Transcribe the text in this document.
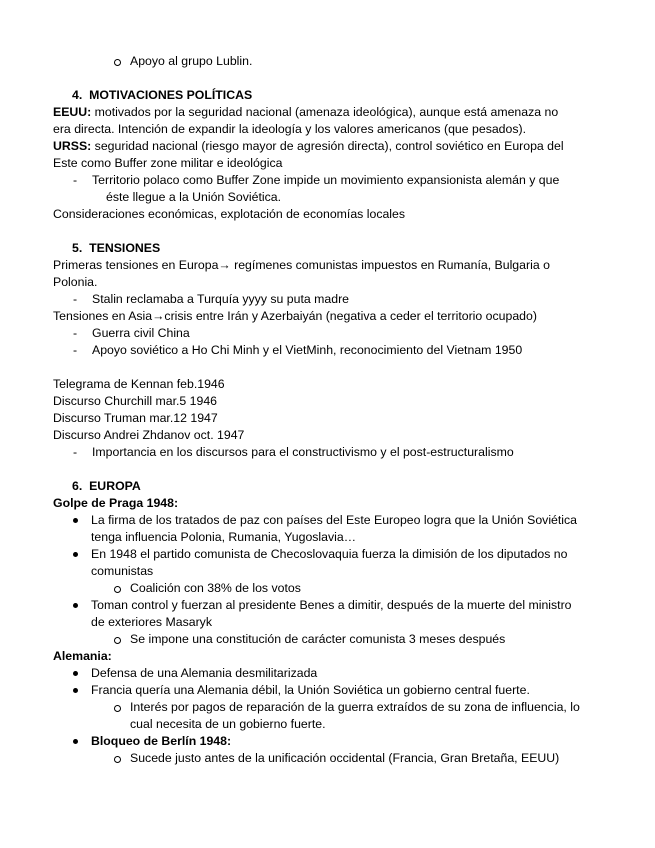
Apoyo al grupo Lublin.
4. MOTIVACIONES POLÍTICAS
EEUU: motivados por la seguridad nacional (amenaza ideológica), aunque está amenaza no
era directa. Intención de expandir la ideología y los valores americanos (que pesados).
URSS: seguridad nacional (riesgo mayor de agresión directa), control soviético en Europa del
Este como Buffer zone militar e ideológica
- Territorio polaco como Buffer Zone impide un movimiento expansionista alemán y que
éste llegue a la Unión Soviética.
Consideraciones económicas, explotación de economías locales
5. TENSIONES
Primeras tensiones en Europa→ regímenes comunistas impuestos en Rumanía, Bulgaria o
Polonia.
- Stalin reclamaba a Turquía yyyy su puta madre
Tensiones en Asia→crisis entre Irán y Azerbaiyán (negativa a ceder el territorio ocupado)
- Guerra civil China
- Apoyo soviético a Ho Chi Minh y el VietMinh, reconocimiento del Vietnam 1950
Telegrama de Kennan feb.1946
Discurso Churchill mar.5 1946
Discurso Truman mar.12 1947
Discurso Andrei Zhdanov oct. 1947
- Importancia en los discursos para el constructivismo y el post-estructuralismo
6. EUROPA
Golpe de Praga 1948:
La firma de los tratados de paz con países del Este Europeo logra que la Unión Soviética
tenga influencia Polonia, Rumania, Yugoslavia…
En 1948 el partido comunista de Checoslovaquia fuerza la dimisión de los diputados no
comunistas
Coalición con 38% de los votos
Toman control y fuerzan al presidente Benes a dimitir, después de la muerte del ministro
de exteriores Masaryk
Se impone una constitución de carácter comunista 3 meses después
Alemania:
Defensa de una Alemania desmilitarizada
Francia quería una Alemania débil, la Unión Soviética un gobierno central fuerte.
Interés por pagos de reparación de la guerra extraídos de su zona de influencia, lo
cual necesita de un gobierno fuerte.
Bloqueo de Berlín 1948:
Sucede justo antes de la unificación occidental (Francia, Gran Bretaña, EEUU)
